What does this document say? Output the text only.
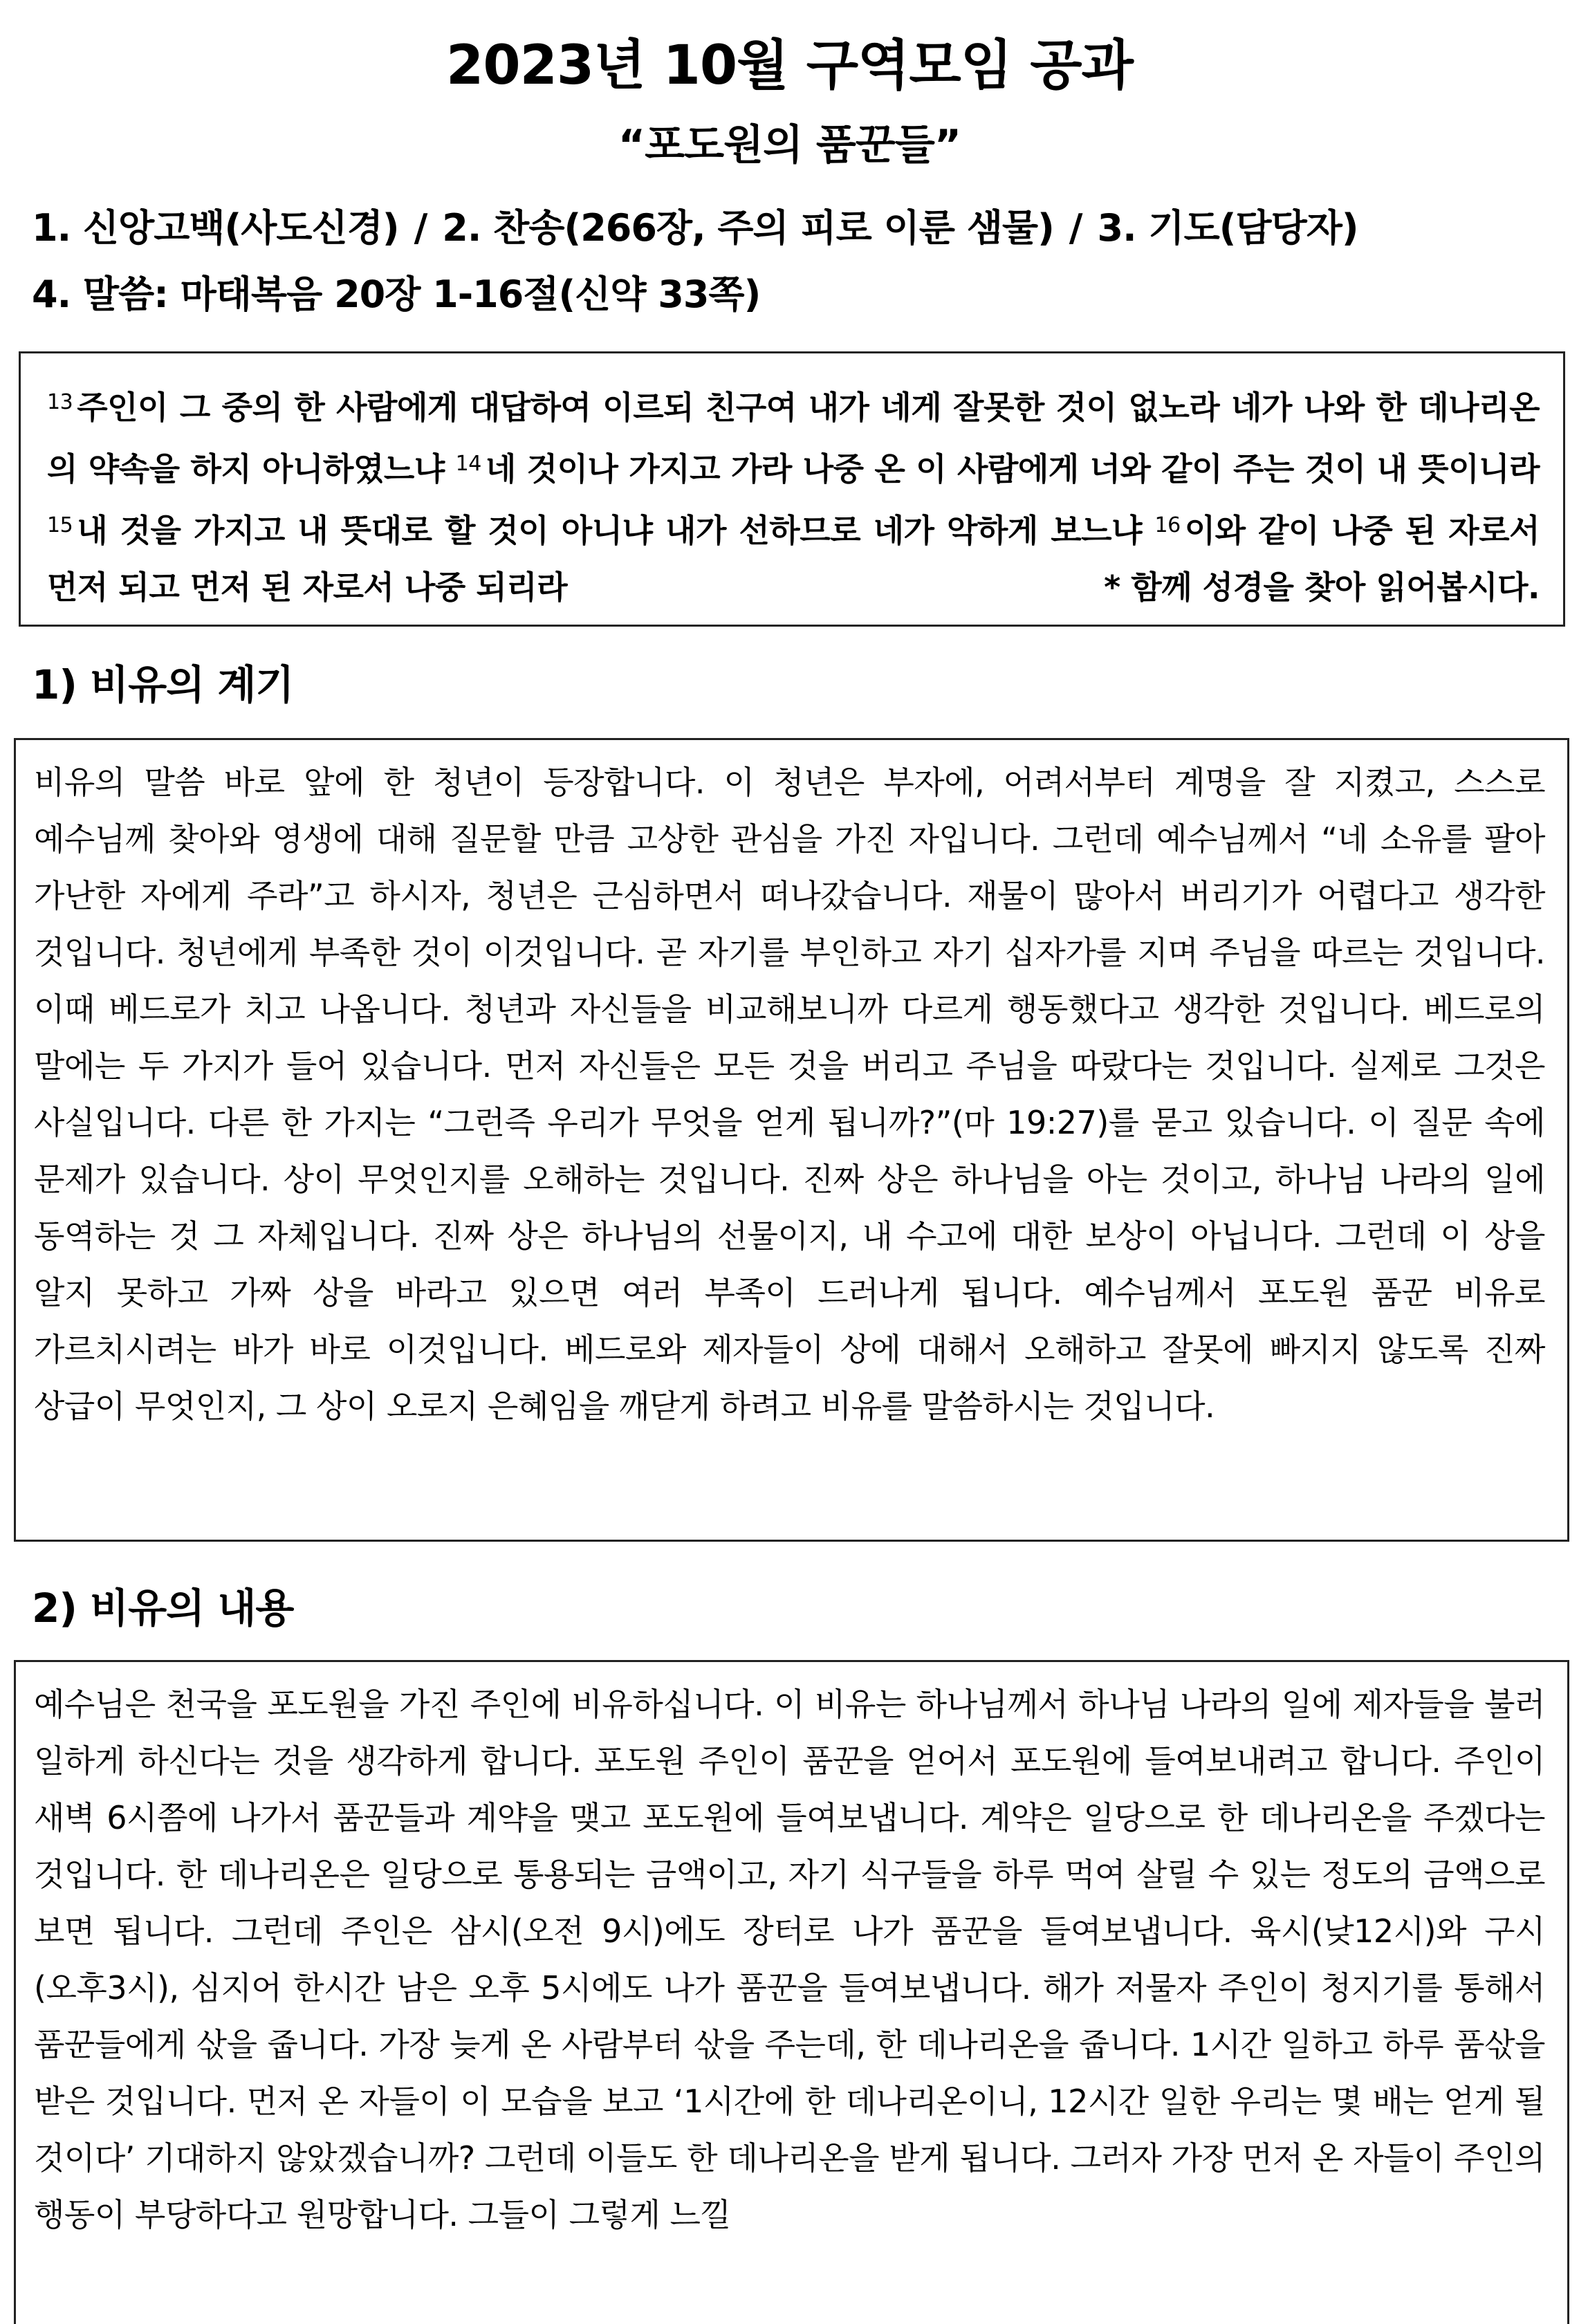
2023년 10월 구역모임 공과
“포도원의 품꾼들”
1. 신앙고백(사도신경) / 2. 찬송(266장, 주의 피로 이룬 샘물) / 3. 기도(담당자)
4. 말씀: 마태복음 20장 1-16절(신약 33쪽)
$^{13}$ 주인이 그 중의 한 사람에게 대답하여 이르되 친구여 내가 네게 잘못한 것이 없노라 네가 나와 한 데나리온의 약속을 하지 아니하였느냐 $^{14}$ 네 것이나 가지고 가라 나중 온 이 사람에게 너와 같이 주는 것이 내 뜻이니라 $^{15}$ 내 것을 가지고 내 뜻대로 할 것이 아니냐 내가 선하므로 네가 악하게 보느냐 $^{16}$ 이와 같이 나중 된 자로서 먼저 되고 먼저 된 자로서 나중 되리라	* 함께 성경을 찾아 읽어봅시다.
1) 비유의 계기
비유의 말씀 바로 앞에 한 청년이 등장합니다. 이 청년은 부자에, 어려서부터 계명을 잘 지켰고, 스스로 예수님께 찾아와 영생에 대해 질문할 만큼 고상한 관심을 가진 자입니다. 그런데 예수님께서 “네 소유를 팔아 가난한 자에게 주라”고 하시자, 청년은 근심하면서 떠나갔습니다. 재물이 많아서 버리기가 어렵다고 생각한 것입니다. 청년에게 부족한 것이 이것입니다. 곧 자기를 부인하고 자기 십자가를 지며 주님을 따르는 것입니다. 이때 베드로가 치고 나옵니다. 청년과 자신들을 비교해보니까 다르게 행동했다고 생각한 것입니다. 베드로의 말에는 두 가지가 들어 있습니다. 먼저 자신들은 모든 것을 버리고 주님을 따랐다는 것입니다. 실제로 그것은 사실입니다. 다른 한 가지는 “그런즉 우리가 무엇을 얻게 됩니까?”(마 19:27)를 묻고 있습니다. 이 질문 속에 문제가 있습니다. 상이 무엇인지를 오해하는 것입니다. 진짜 상은 하나님을 아는 것이고, 하나님 나라의 일에 동역하는 것 그 자체입니다. 진짜 상은 하나님의 선물이지, 내 수고에 대한 보상이 아닙니다. 그런데 이 상을 알지 못하고 가짜 상을 바라고 있으면 여러 부족이 드러나게 됩니다. 예수님께서 포도원 품꾼 비유로 가르치시려는 바가 바로 이것입니다. 베드로와 제자들이 상에 대해서 오해하고 잘못에 빠지지 않도록 진짜 상급이 무엇인지, 그 상이 오로지 은혜임을 깨닫게 하려고 비유를 말씀하시는 것입니다.
2) 비유의 내용
예수님은 천국을 포도원을 가진 주인에 비유하십니다. 이 비유는 하나님께서 하나님 나라의 일에 제자들을 불러 일하게 하신다는 것을 생각하게 합니다. 포도원 주인이 품꾼을 얻어서 포도원에 들여보내려고 합니다. 주인이 새벽 6시쯤에 나가서 품꾼들과 계약을 맺고 포도원에 들여보냅니다. 계약은 일당으로 한 데나리온을 주겠다는 것입니다. 한 데나리온은 일당으로 통용되는 금액이고, 자기 식구들을 하루 먹여 살릴 수 있는 정도의 금액으로 보면 됩니다. 그런데 주인은 삼시(오전 9시)에도 장터로 나가 품꾼을 들여보냅니다. 육시(낮12시)와 구시(오후3시), 심지어 한시간 남은 오후 5시에도 나가 품꾼을 들여보냅니다. 해가 저물자 주인이 청지기를 통해서 품꾼들에게 삯을 줍니다. 가장 늦게 온 사람부터 삯을 주는데, 한 데나리온을 줍니다. 1시간 일하고 하루 품삯을 받은 것입니다. 먼저 온 자들이 이 모습을 보고 ‘1시간에 한 데나리온이니, 12시간 일한 우리는 몇 배는 얻게 될 것이다’ 기대하지 않았겠습니까? 그런데 이들도 한 데나리온을 받게 됩니다. 그러자 가장 먼저 온 자들이 주인의 행동이 부당하다고 원망합니다. 그들이 그렇게 느낄
